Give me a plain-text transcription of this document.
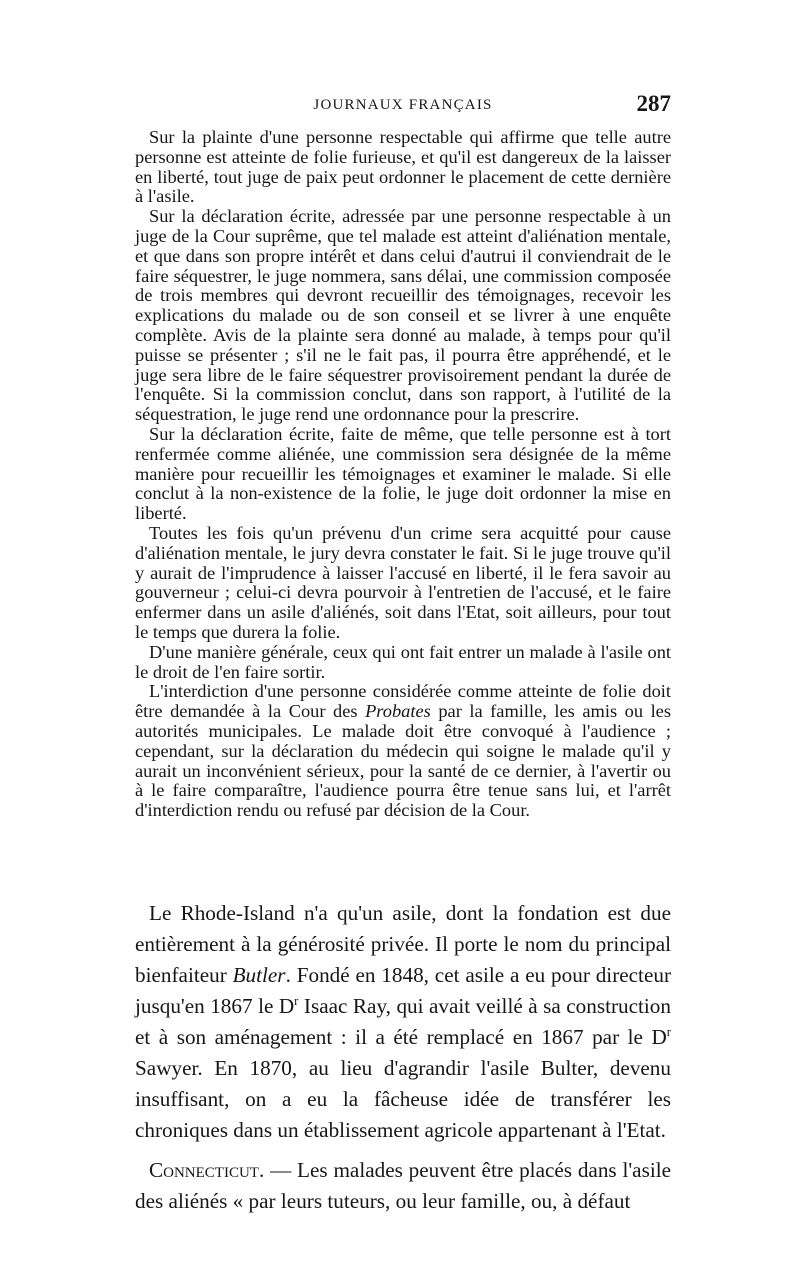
JOURNAUX FRANÇAIS	287

Sur la plainte d'une personne respectable qui affirme que telle autre personne est atteinte de folie furieuse, et qu'il est dangereux de la laisser en liberté, tout juge de paix peut ordonner le placement de cette dernière à l'asile.

Sur la déclaration écrite, adressée par une personne respectable à un juge de la Cour suprême, que tel malade est atteint d'aliénation mentale, et que dans son propre intérêt et dans celui d'autrui il conviendrait de le faire séquestrer, le juge nommera, sans délai, une commission composée de trois membres qui devront recueillir des témoignages, recevoir les explications du malade ou de son conseil et se livrer à une enquête complète. Avis de la plainte sera donné au malade, à temps pour qu'il puisse se présenter ; s'il ne le fait pas, il pourra être appréhendé, et le juge sera libre de le faire séquestrer provisoirement pendant la durée de l'enquête. Si la commission conclut, dans son rapport, à l'utilité de la séquestration, le juge rend une ordonnance pour la prescrire.

Sur la déclaration écrite, faite de même, que telle personne est à tort renfermée comme aliénée, une commission sera désignée de la même manière pour recueillir les témoignages et examiner le malade. Si elle conclut à la non-existence de la folie, le juge doit ordonner la mise en liberté.

Toutes les fois qu'un prévenu d'un crime sera acquitté pour cause d'aliénation mentale, le jury devra constater le fait. Si le juge trouve qu'il y aurait de l'imprudence à laisser l'accusé en liberté, il le fera savoir au gouverneur ; celui-ci devra pourvoir à l'entretien de l'accusé, et le faire enfermer dans un asile d'aliénés, soit dans l'Etat, soit ailleurs, pour tout le temps que durera la folie.

D'une manière générale, ceux qui ont fait entrer un malade à l'asile ont le droit de l'en faire sortir.

L'interdiction d'une personne considérée comme atteinte de folie doit être demandée à la Cour des Probates par la famille, les amis ou les autorités municipales. Le malade doit être convoqué à l'audience ; cependant, sur la déclaration du médecin qui soigne le malade qu'il y aurait un inconvénient sérieux, pour la santé de ce dernier, à l'avertir ou à le faire comparaître, l'audience pourra être tenue sans lui, et l'arrêt d'interdiction rendu ou refusé par décision de la Cour.

Le Rhode-Island n'a qu'un asile, dont la fondation est due entièrement à la générosité privée. Il porte le nom du principal bienfaiteur Butler. Fondé en 1848, cet asile a eu pour directeur jusqu'en 1867 le $D^r$ Isaac Ray, qui avait veillé à sa construction et à son aménagement : il a été remplacé en 1867 par le $D^r$ Sawyer. En 1870, au lieu d'agrandir l'asile Bulter, devenu insuffisant, on a eu la fâcheuse idée de transférer les chroniques dans un établissement agricole appartenant à l'Etat.

Connecticut. — Les malades peuvent être placés dans l'asile des aliénés « par leurs tuteurs, ou leur famille, ou, à défaut
